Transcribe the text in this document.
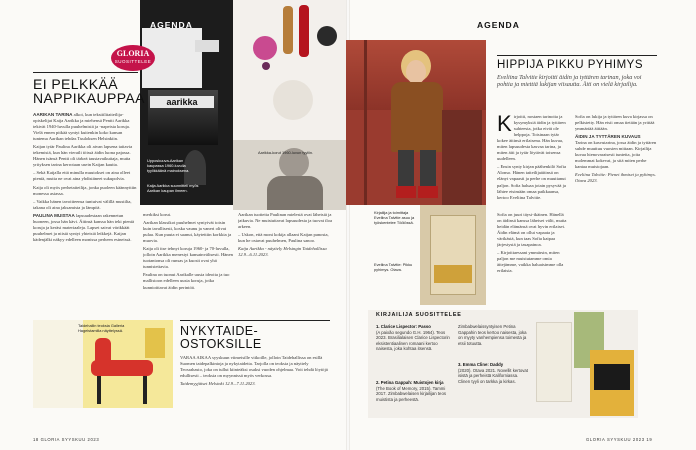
aarikka
AGENDA
GLORIA
SUOSITTELEE
EI PELKKÄÄ
NAPPIKAUPPAA

AARIKAN TARINA alkoi, kun tekstiilitaiteilija-opiskelijat Kaija Aarikka ja miehensä Pentti Aarikka tekivät 1940-luvulla puuhelmistä ja -napeista koruja. Vielä ennen pitkää syntyi kuitenkin koko kansan tuntema Aarikan tehdas Tuuloksen Helsinkiin.

Kaijan tytär Paulina Aarikka oli aivan lapsena taitavia tekemisiä, kun hän vieraili töissä äidin luona pajassa. Hänen isänsä Pentti oli tärkeä taustavaikuttaja, mutta yrityksen tarina kerrotaan usein Kaijan kautta.

– Sekä Kaijalla että minulla muutokset on aina olleet pieniä, mutta ne ovat aina yhdistäneet sukupolvia.

Kaija oli myös perhetaiteilija, jonka puoleen käännyttiin monessa asiassa.

– Vaikka hänen tavoitteensa tuntuivat välillä mustilta, takana oli aina jaksamista ja lämpöä.

PAULINA MUISTAA lapsuudestaan rakennetun huoneen, jossa hän kävi. Äitinsä kanssa hän teki pieniä koruja ja keräsi materiaaleja. Lapset saivat värikkäät puuhelmet ja niistä syntyi yhteisiä leikkejä. Kaijan kädenjälki näkyy edelleen monissa perheen esineissä.

Upposkuuva-Aarikan kaupassa 1960-luvulla tyylikkäänä mainoksena.
Kaija Aarikka suunnitteli myös Aarikan kaupan ilmeen.
Aarikka-korut 1960-luvun tyyliin.

merkiksi korut.

Aarikan klassikot puuhelmet syntyivät toisin kuin tavallisesti, koska vaunu ja vaneri olivat pulaa. Kun puuta ei saanut, käytettiin korkkia ja muovia.

Kaija oli itse tehnyt koruja 1960- ja 70-luvulla, jolloin Aarikka menestyi kansainvälisesti. Hänen tuotantonsa oli runsas ja kuosit ovat yhä tunnistettavia.

Paulina on tuonut Aarikalle uusia ideoita ja tuo mallistoon edelleen uusia koruja, jotka kunnioittavat äidin perintöä.

Aarikan tuotteita Paulinan mielestä ovat läheisiä ja jatkuvia. Ne muistuttavat lapsuudesta ja tuovat iloa arkeen.

– Uskon, että moni kokija allaani Kaijan panosta, kun he ostavat puuhelmen, Paulina sanoo.

Kaija Aarikka - näyttely Helsingin Taidehallissa 12.9.–6.11.2023.

Taidehallin teoksia Galleria Hagelstamilla näyttelyssä.	NYKYTAIDE-
OSTOKSILLE

VARAA AIKAA syyskuun viimeisille viikoille, jolloin Taidehallissa on esillä Suomen taidepalkintoja ja nykytaidetta. Tarjolla on teoksia ja näyttely Teosrahasto, joka on tullut kiinteäksi osaksi vuoden ohjelmaa. Voit tehdä löytöjä edullisesti – teoksia on myynnissä myös verkossa.

Taidemyyjäiset Helsinki 12.9.–7.11.2023.

18 GLORIA SYYSKUU 2023
AGENDA
Kirjailija ja toimittaja Eveliina Talvitie asuu ja työskentelee Töölössä.
Eveliina Talvitie: Pikku pyhimys. Otava.
HIPPIJA PIKKU PYHIMYS
Eveliina Talvitie kirjoitti äidin ja tyttären tarinan, joka voi pohtia ja miettiä lukijan viisautta. Äiti on vielä kirjailija.

Kirjoitti, nostaen tarinoita ja kysymyksiä äidin ja tyttären suhteesta, jotka eivät ole helppoja. Toisinaan tytär kokee äitinsä erilaisena. Hän kuvaa, miten lapsuudesta kasvaa tarina, ja miten äiti ja tytär löytävät toisensa uudelleen.

– Ensin synty kirjan päähenkilö Sofia Alonso. Hänen taiteilijaäitinsä on elänyt vapaasti ja perhe on muuttanut paljon. Sofia haluaa jotain pysyvää ja lähtee etsimään omaa paikkaansa, kertoo Eveliina Talvitie.

Sofia on juuri täysi-ikäinen. Hänellä on äidinsä kanssa läheiset välit, mutta heidän elämänsä ovat hyvin erilaiset. Äidin elämä on ollut vapaata ja värikästä, kun taas Sofia kaipaa järjestystä ja tasapainoa.

– Kirjoittaessani ymmärsin, miten paljon me muistutamme omia äitejämme, vaikka haluaisimme olla erilaisia.

Sofia on lukija ja tyttären kuva kirjassa on pelkistetty. Hän etsii omaa tietään ja yrittää ymmärtää äitiään.

ÄIDIN JA TYTTÄREN KUVAUS

Tarina on kasvutarina, jossa äidin ja tyttären suhde muuttuu vuosien mittaan. Kirjailija kuvaa hienovaraisesti tunteita, joita molemmat kokevat, ja sitä miten perhe kantaa muistojaan.

Eveliina Talvitie: Pienet ihmiset ja pyhimys. Otava 2023.

KIRJAILIJA SUOSITTELEE
1. Clarice Lispector: Passo
(A paixão segundo G.H. 1964). Teos 2023. Brasilialaisen Clarice Lispectorin eksistentiaalinen romaani kertoo naisesta, joka kohtaa itsensä.
2. Petina Gappah: Muistojen kirja
(The Book of Memory, 2015). Tammi 2017. Zimbabwelaisen kirjailijan teos muistista ja perheestä.
Zimbabwelaissyntyisen Petina Gappahin teos kertoo naisesta, joka on myyty vanhempiensa toimesta ja etsii totuutta.
3. Emma Cline: Daddy
(2020). Otava 2021. Novellit kertovat isistä ja perheistä Kaliforniassa. Clinen tyyli on tarkka ja kirkas.
GLORIA SYYSKUU 2023 19
